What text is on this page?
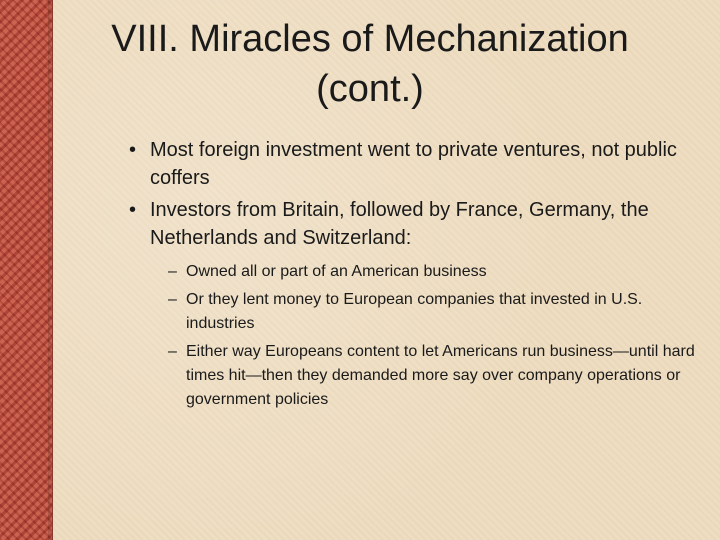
VIII. Miracles of Mechanization
(cont.)
• Most foreign investment went to private ventures, not public coffers
• Investors from Britain, followed by France, Germany, the Netherlands and Switzerland:
– Owned all or part of an American business
– Or they lent money to European companies that invested in U.S. industries
– Either way Europeans content to let Americans run business—until hard times hit—then they demanded more say over company operations or government policies
